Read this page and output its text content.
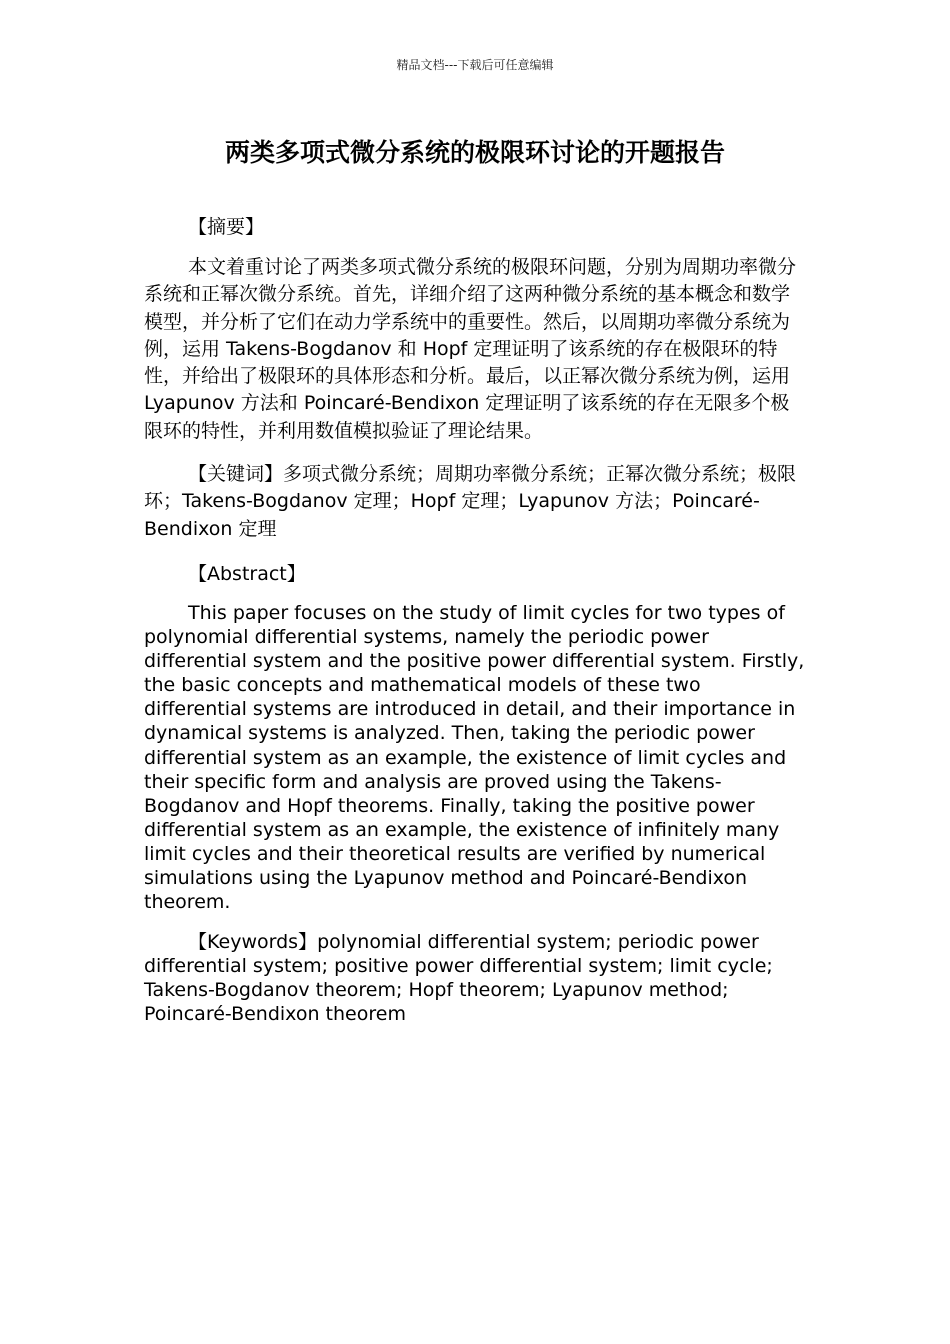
精品文档---下载后可任意编辑
两类多项式微分系统的极限环讨论的开题报告
【摘要】

本文着重讨论了两类多项式微分系统的极限环问题，分别为周期功率微分系统和正幂次微分系统。首先，详细介绍了这两种微分系统的基本概念和数学模型，并分析了它们在动力学系统中的重要性。然后，以周期功率微分系统为例，运用 Takens-Bogdanov 和 Hopf 定理证明了该系统的存在极限环的特性，并给出了极限环的具体形态和分析。最后，以正幂次微分系统为例，运用 Lyapunov 方法和 Poincaré-Bendixon 定理证明了该系统的存在无限多个极限环的特性，并利用数值模拟验证了理论结果。

【关键词】多项式微分系统；周期功率微分系统；正幂次微分系统；极限环；Takens-Bogdanov 定理；Hopf 定理；Lyapunov 方法；Poincaré-Bendixon 定理

【Abstract】

This paper focuses on the study of limit cycles for two types of polynomial differential systems, namely the periodic power differential system and the positive power differential system. Firstly, the basic concepts and mathematical models of these two differential systems are introduced in detail, and their importance in dynamical systems is analyzed. Then, taking the periodic power differential system as an example, the existence of limit cycles and their specific form and analysis are proved using the Takens-Bogdanov and Hopf theorems. Finally, taking the positive power differential system as an example, the existence of infinitely many limit cycles and their theoretical results are verified by numerical simulations using the Lyapunov method and Poincaré-Bendixon theorem.

【Keywords】polynomial differential system; periodic power differential system; positive power differential system; limit cycle; Takens-Bogdanov theorem; Hopf theorem; Lyapunov method; Poincaré-Bendixon theorem
